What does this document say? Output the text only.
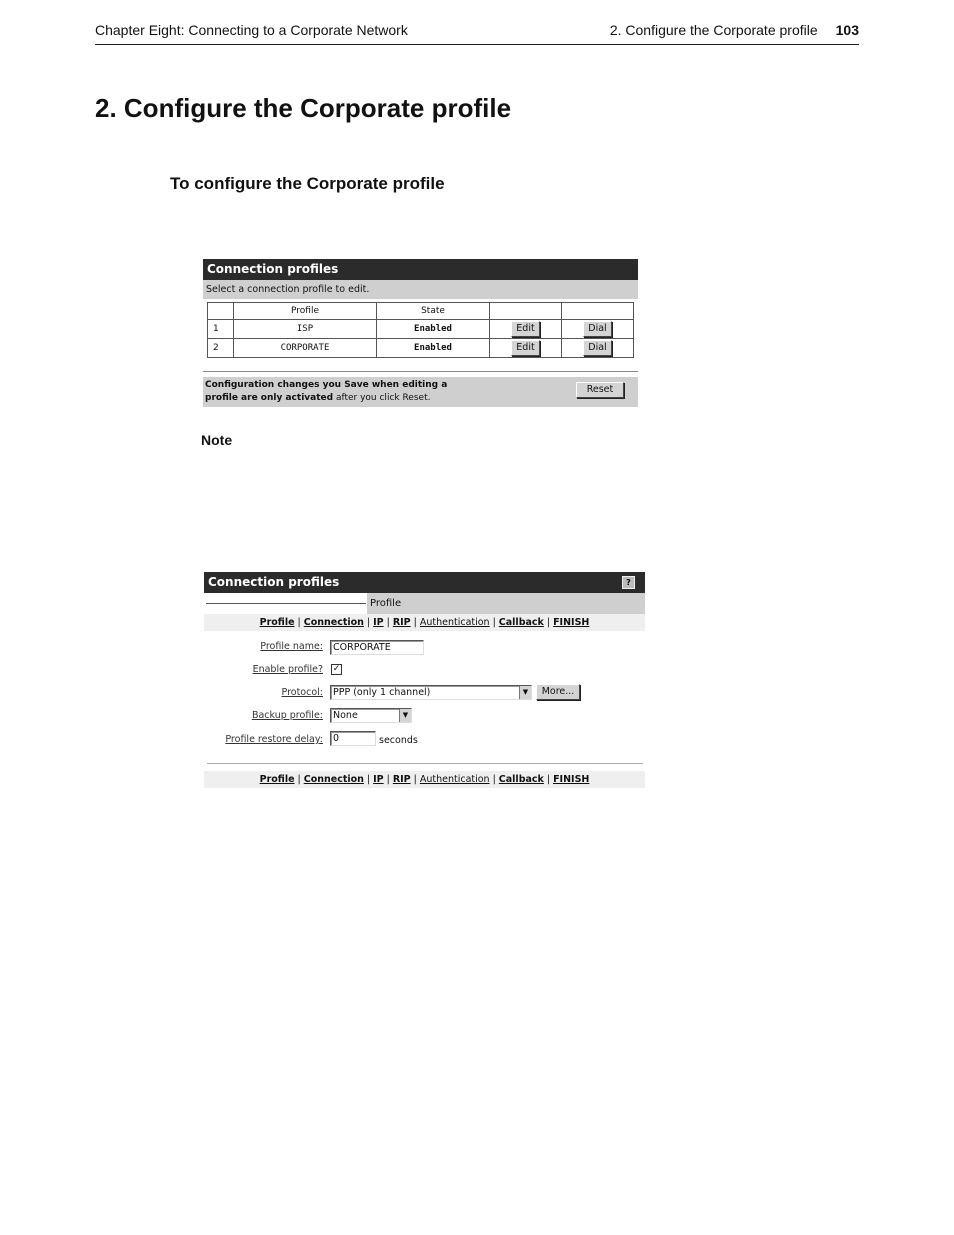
Chapter Eight: Connecting to a Corporate Network	2. Configure the Corporate profile 103
2. Configure the Corporate profile
To configure the Corporate profile
Connection profiles
Select a connection profile to edit.
	Profile	State		
1	ISP	Enabled	Edit	Dial
2	CORPORATE	Enabled	Edit	Dial
Configuration changes you Save when editing a
profile are only activated after you click Reset.
Reset
Note
Connection profiles	?
Profile
Profile | Connection | IP | RIP | Authentication | Callback | FINISH
Profile name:	CORPORATE
Enable profile? ✓
Protocol:	PPP (only 1 channel)	▼	More...
Backup profile:	None	▼
Profile restore delay:	0	seconds
Profile | Connection | IP | RIP | Authentication | Callback | FINISH
